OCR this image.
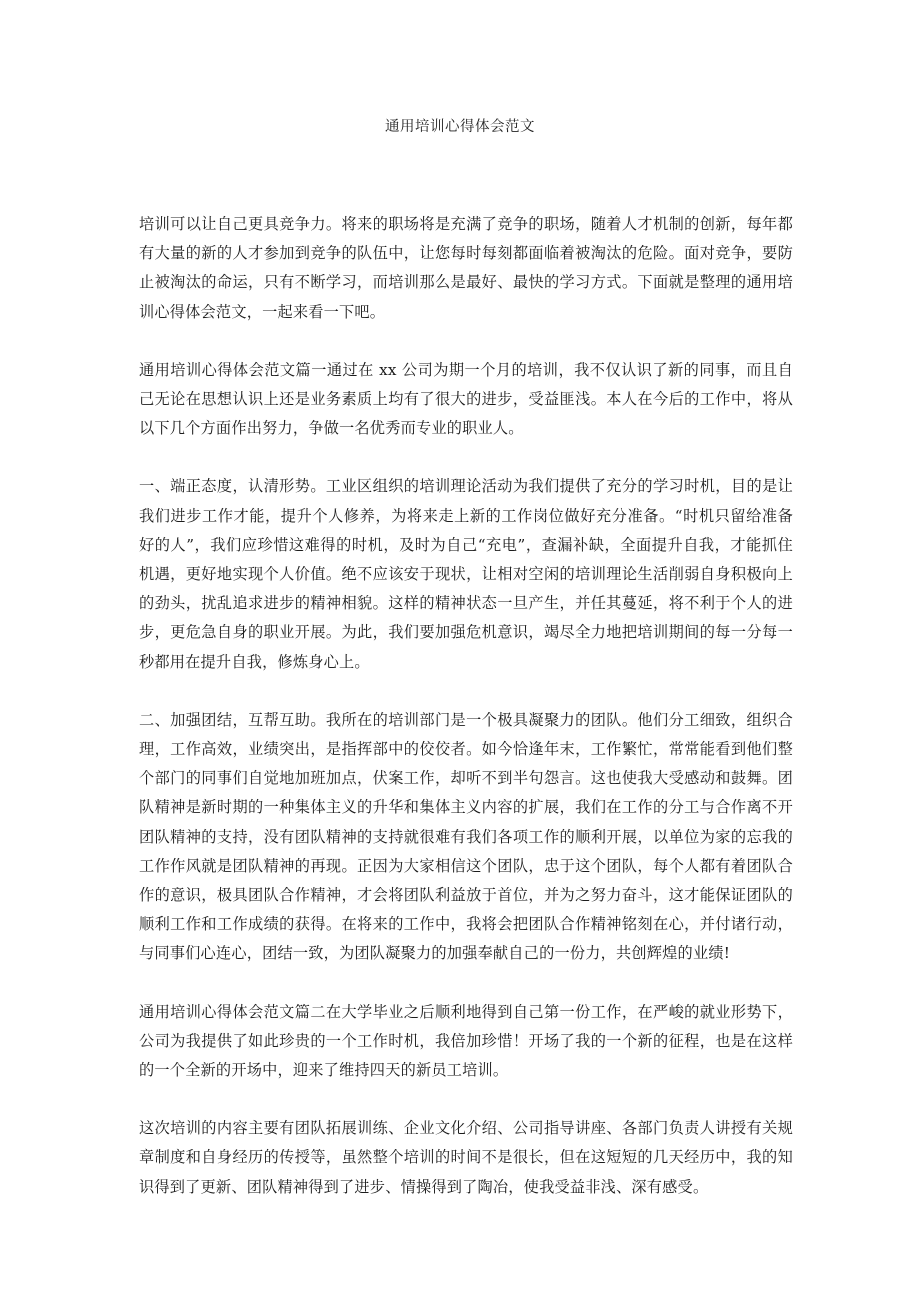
通用培训心得体会范文

培训可以让自己更具竞争力。将来的职场将是充满了竞争的职场，随着人才机制的创新，每年都有大量的新的人才参加到竞争的队伍中，让您每时每刻都面临着被淘汰的危险。面对竞争，要防止被淘汰的命运，只有不断学习，而培训那么是最好、最快的学习方式。下面就是整理的通用培训心得体会范文，一起来看一下吧。

通用培训心得体会范文篇一通过在 xx 公司为期一个月的培训，我不仅认识了新的同事，而且自己无论在思想认识上还是业务素质上均有了很大的进步，受益匪浅。本人在今后的工作中，将从以下几个方面作出努力，争做一名优秀而专业的职业人。

一、端正态度，认清形势。工业区组织的培训理论活动为我们提供了充分的学习时机，目的是让我们进步工作才能，提升个人修养，为将来走上新的工作岗位做好充分准备。“时机只留给准备好的人”，我们应珍惜这难得的时机，及时为自己“充电”，查漏补缺，全面提升自我，才能抓住机遇，更好地实现个人价值。绝不应该安于现状，让相对空闲的培训理论生活削弱自身积极向上的劲头，扰乱追求进步的精神相貌。这样的精神状态一旦产生，并任其蔓延，将不利于个人的进步，更危急自身的职业开展。为此，我们要加强危机意识，竭尽全力地把培训期间的每一分每一秒都用在提升自我，修炼身心上。

二、加强团结，互帮互助。我所在的培训部门是一个极具凝聚力的团队。他们分工细致，组织合理，工作高效，业绩突出，是指挥部中的佼佼者。如今恰逢年末，工作繁忙，常常能看到他们整个部门的同事们自觉地加班加点，伏案工作，却听不到半句怨言。这也使我大受感动和鼓舞。团队精神是新时期的一种集体主义的升华和集体主义内容的扩展，我们在工作的分工与合作离不开团队精神的支持，没有团队精神的支持就很难有我们各项工作的顺利开展，以单位为家的忘我的工作作风就是团队精神的再现。正因为大家相信这个团队，忠于这个团队，每个人都有着团队合作的意识，极具团队合作精神，才会将团队利益放于首位，并为之努力奋斗，这才能保证团队的顺利工作和工作成绩的获得。在将来的工作中，我将会把团队合作精神铭刻在心，并付诸行动，与同事们心连心，团结一致，为团队凝聚力的加强奉献自己的一份力，共创辉煌的业绩!

通用培训心得体会范文篇二在大学毕业之后顺利地得到自己第一份工作，在严峻的就业形势下，公司为我提供了如此珍贵的一个工作时机，我倍加珍惜！开场了我的一个新的征程，也是在这样的一个全新的开场中，迎来了维持四天的新员工培训。

这次培训的内容主要有团队拓展训练、企业文化介绍、公司指导讲座、各部门负责人讲授有关规章制度和自身经历的传授等，虽然整个培训的时间不是很长，但在这短短的几天经历中，我的知识得到了更新、团队精神得到了进步、情操得到了陶冶，使我受益非浅、深有感受。
